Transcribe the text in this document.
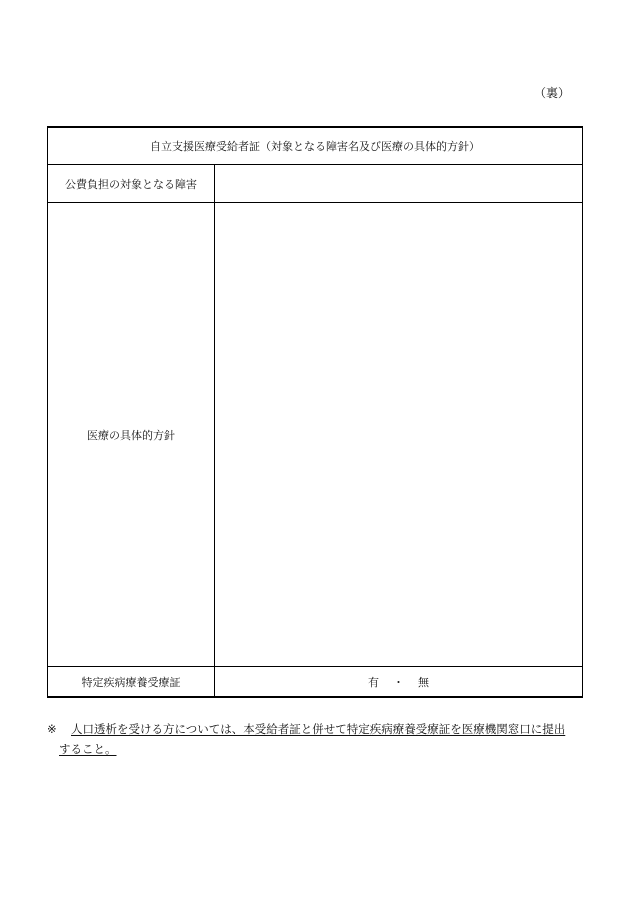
（裏）
自立支援医療受給者証（対象となる障害名及び医療の具体的方針）	
公費負担の対象となる障害	
医療の具体的方針	
特定疾病療養受療証	有 ・ 無
※ 人口透析を受ける方については、本受給者証と併せて特定疾病療養受療証を医療機関窓口に提出
すること。
